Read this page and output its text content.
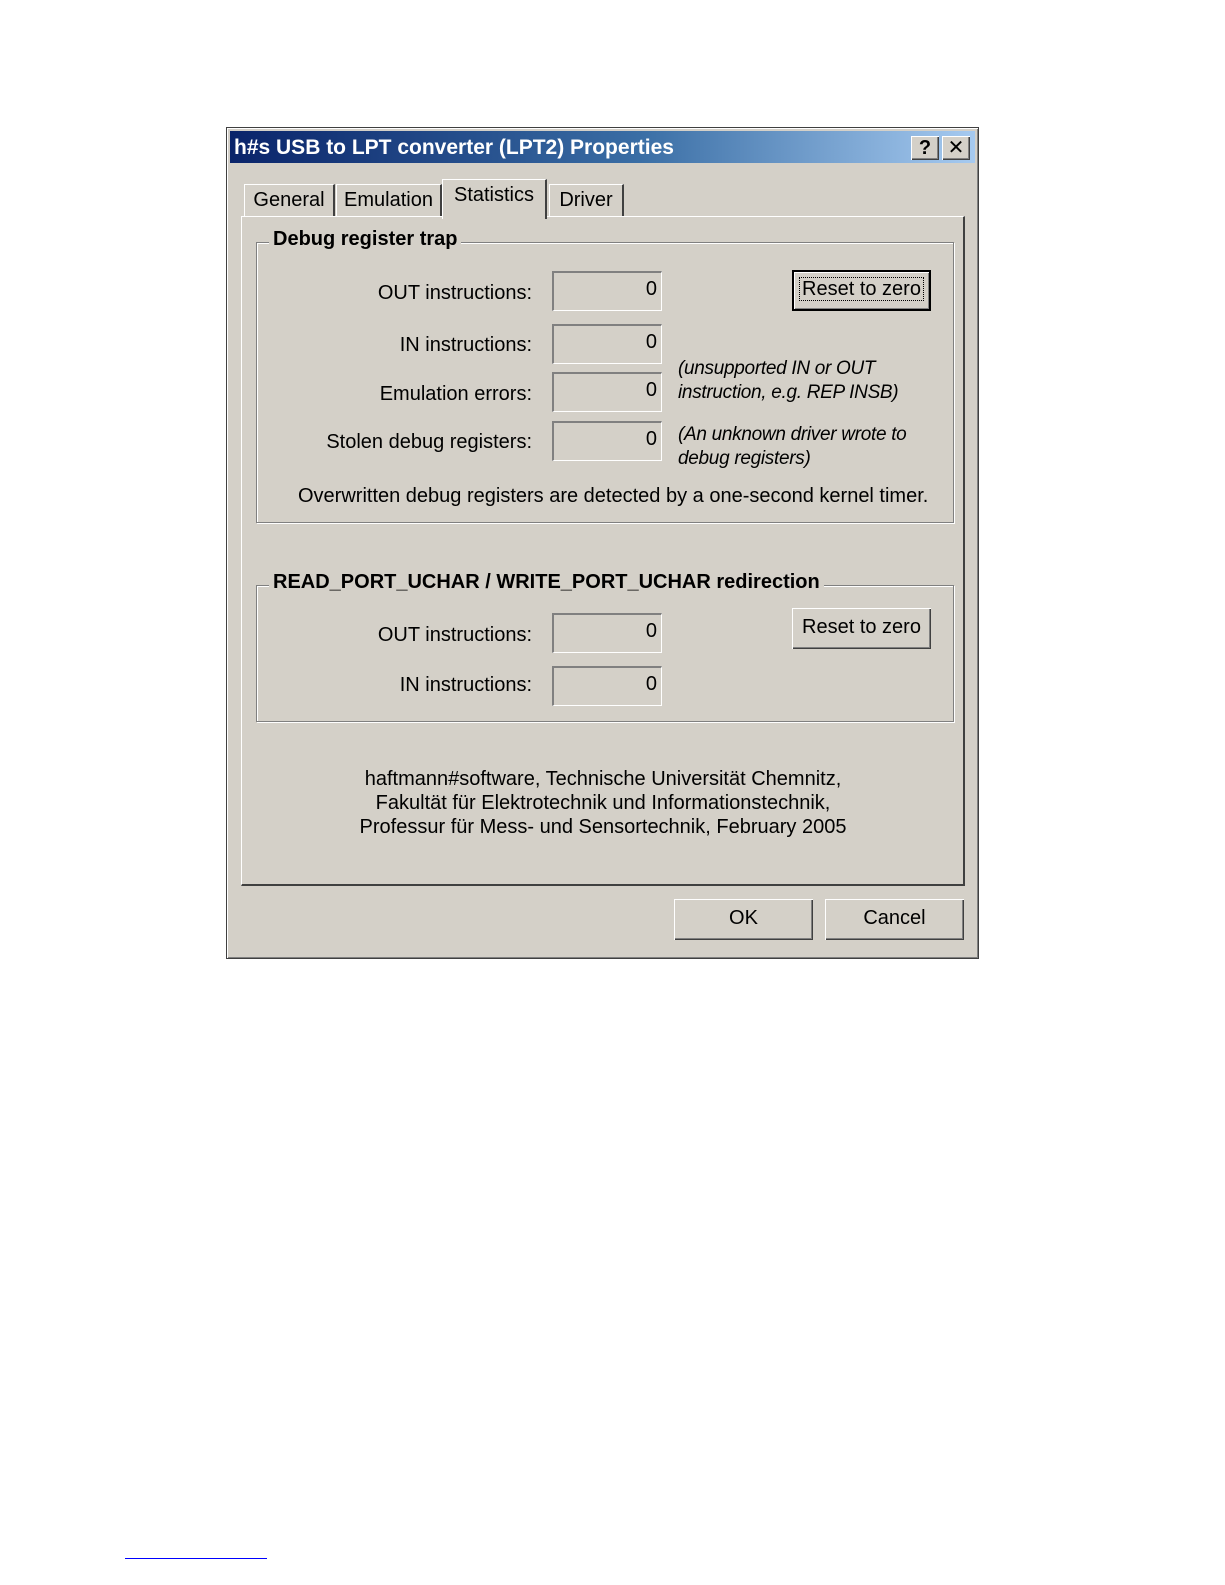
h#s USB to LPT converter (LPT2) Properties	? ✕
General Emulation	Statistics	Driver
Debug register trap
OUT instructions:	0
IN instructions:	0
Emulation errors:	0
Stolen debug registers:	0
Reset to zero
(unsupported IN or OUT
instruction, e.g. REP INSB)
(An unknown driver wrote to
debug registers)
Overwritten debug registers are detected by a one-second kernel timer.
READ_PORT_UCHAR / WRITE_PORT_UCHAR redirection
OUT instructions:	0
IN instructions:	0
Reset to zero
haftmann#software, Technische Universität Chemnitz,
Fakultät für Elektrotechnik und Informationstechnik,
Professur für Mess- und Sensortechnik, February 2005
OK	Cancel
